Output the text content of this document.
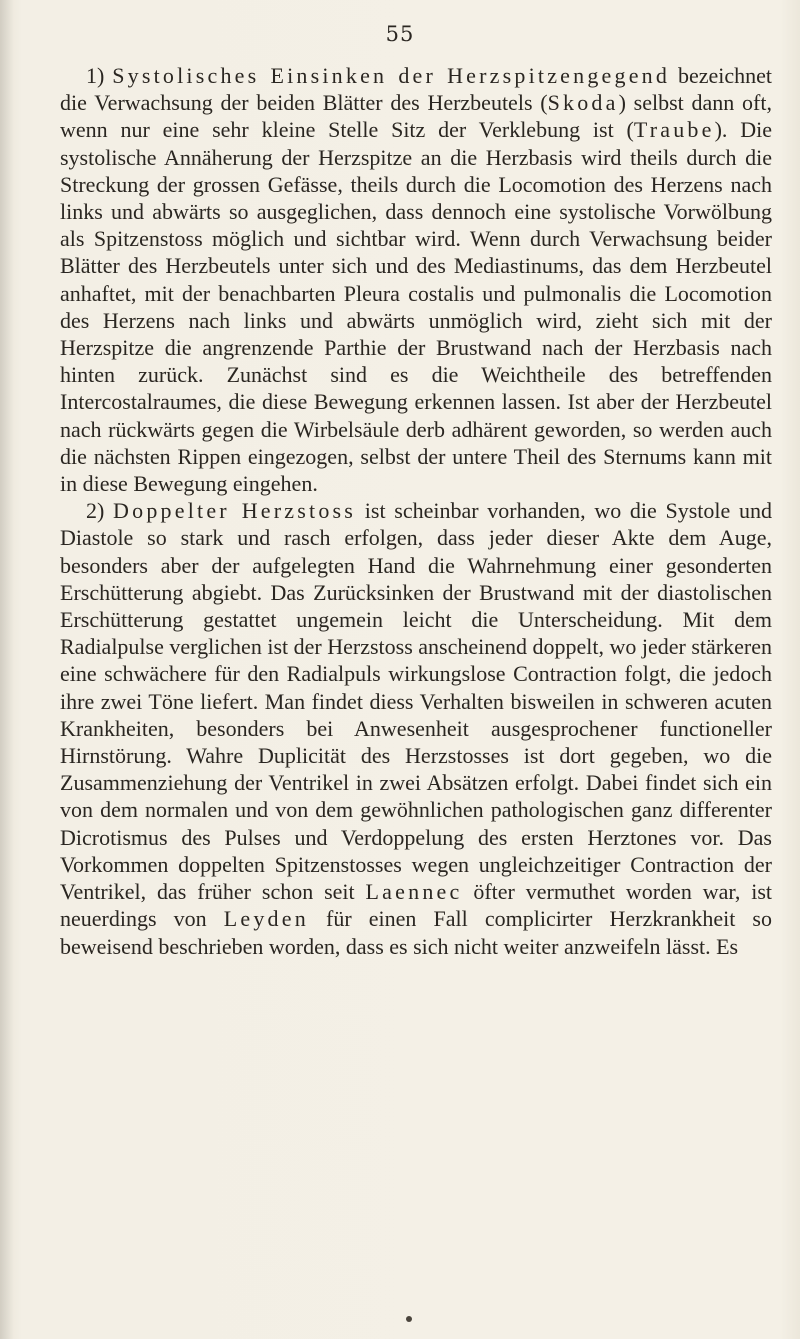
55

1) Systolisches Einsinken der Herzspitzengegend bezeichnet die Verwachsung der beiden Blätter des Herzbeutels (Skoda) selbst dann oft, wenn nur eine sehr kleine Stelle Sitz der Verklebung ist (Traube). Die systolische Annäherung der Herzspitze an die Herzbasis wird theils durch die Streckung der grossen Gefässe, theils durch die Locomotion des Herzens nach links und abwärts so ausgeglichen, dass dennoch eine systolische Vorwölbung als Spitzenstoss möglich und sichtbar wird. Wenn durch Verwachsung beider Blätter des Herzbeutels unter sich und des Mediastinums, das dem Herzbeutel anhaftet, mit der benachbarten Pleura costalis und pulmonalis die Locomotion des Herzens nach links und abwärts unmöglich wird, zieht sich mit der Herzspitze die angrenzende Parthie der Brustwand nach der Herzbasis nach hinten zurück. Zunächst sind es die Weichtheile des betreffenden Intercostalraumes, die diese Bewegung erkennen lassen. Ist aber der Herzbeutel nach rückwärts gegen die Wirbelsäule derb adhärent geworden, so werden auch die nächsten Rippen eingezogen, selbst der untere Theil des Sternums kann mit in diese Bewegung eingehen.

2) Doppelter Herzstoss ist scheinbar vorhanden, wo die Systole und Diastole so stark und rasch erfolgen, dass jeder dieser Akte dem Auge, besonders aber der aufgelegten Hand die Wahrnehmung einer gesonderten Erschütterung abgiebt. Das Zurücksinken der Brustwand mit der diastolischen Erschütterung gestattet ungemein leicht die Unterscheidung. Mit dem Radialpulse verglichen ist der Herzstoss anscheinend doppelt, wo jeder stärkeren eine schwächere für den Radialpuls wirkungslose Contraction folgt, die jedoch ihre zwei Töne liefert. Man findet diess Verhalten bisweilen in schweren acuten Krankheiten, besonders bei Anwesenheit ausgesprochener functioneller Hirnstörung. Wahre Duplicität des Herzstosses ist dort gegeben, wo die Zusammenziehung der Ventrikel in zwei Absätzen erfolgt. Dabei findet sich ein von dem normalen und von dem gewöhnlichen pathologischen ganz differenter Dicrotismus des Pulses und Verdoppelung des ersten Herztones vor. Das Vorkommen doppelten Spitzenstosses wegen ungleichzeitiger Contraction der Ventrikel, das früher schon seit Laennec öfter vermuthet worden war, ist neuerdings von Leyden für einen Fall complicirter Herzkrankheit so beweisend beschrieben worden, dass es sich nicht weiter anzweifeln lässt. Es
